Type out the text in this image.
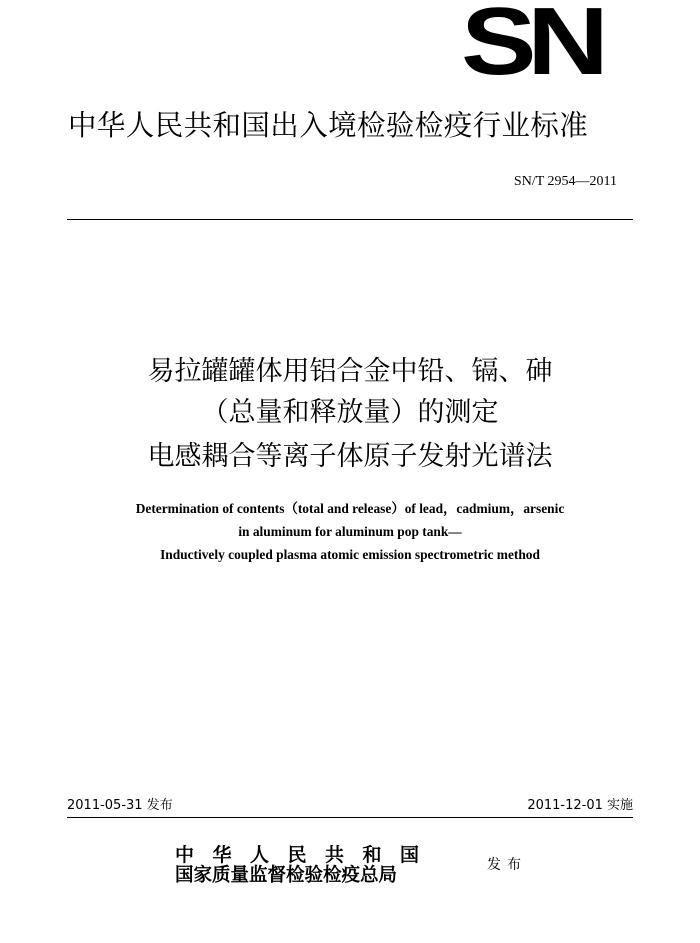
SN
中华人民共和国出入境检验检疫行业标准
SN/T 2954—2011
易拉罐罐体用铝合金中铅、镉、砷
（总量和释放量）的测定
电感耦合等离子体原子发射光谱法
Determination of contents（total and release）of lead，cadmium，arsenic
in aluminum for aluminum pop tank—
Inductively coupled plasma atomic emission spectrometric method
2011-05-31 发布	2011-12-01 实施
中华人民共和国
国家质量监督检验检疫总局	发布
